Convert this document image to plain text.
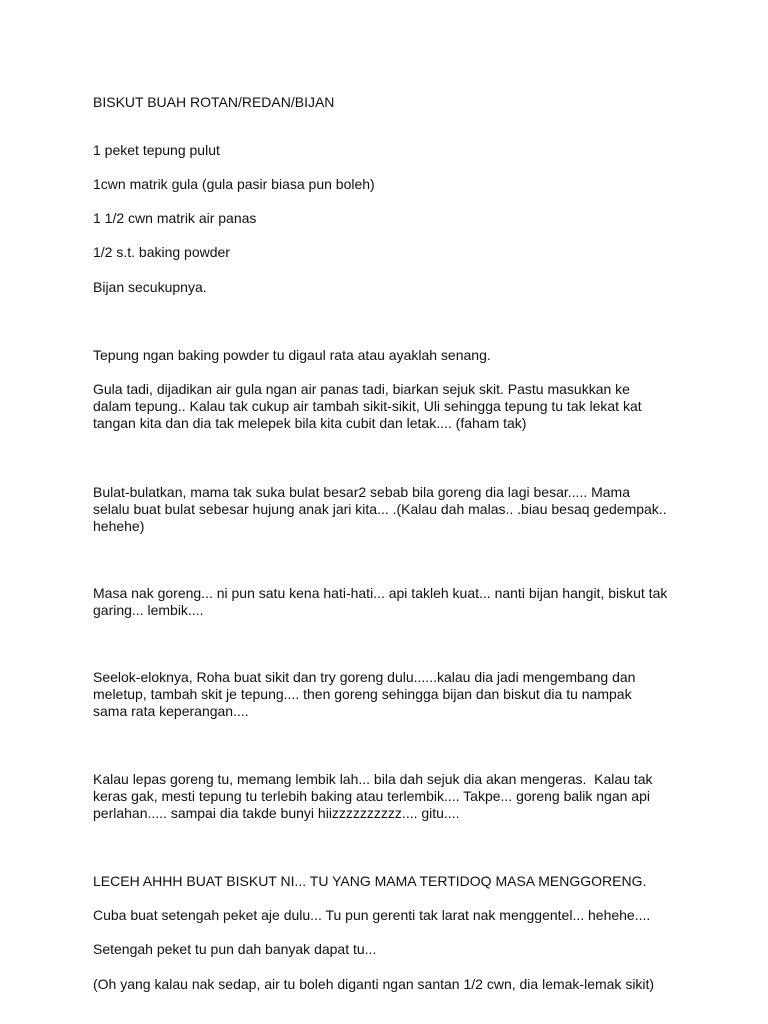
BISKUT BUAH ROTAN/REDAN/BIJAN

1 peket tepung pulut

1cwn matrik gula (gula pasir biasa pun boleh)

1 1/2 cwn matrik air panas

1/2 s.t. baking powder

Bijan secukupnya.

Tepung ngan baking powder tu digaul rata atau ayaklah senang.

Gula tadi, dijadikan air gula ngan air panas tadi, biarkan sejuk skit. Pastu masukkan ke

dalam tepung.. Kalau tak cukup air tambah sikit-sikit, Uli sehingga tepung tu tak lekat kat

tangan kita dan dia tak melepek bila kita cubit dan letak.... (faham tak)

Bulat-bulatkan, mama tak suka bulat besar2 sebab bila goreng dia lagi besar..... Mama

selalu buat bulat sebesar hujung anak jari kita... .(Kalau dah malas.. .biau besaq gedempak..

hehehe)

Masa nak goreng... ni pun satu kena hati-hati... api takleh kuat... nanti bijan hangit, biskut tak

garing... lembik....

Seelok-eloknya, Roha buat sikit dan try goreng dulu......kalau dia jadi mengembang dan

meletup, tambah skit je tepung.... then goreng sehingga bijan dan biskut dia tu nampak

sama rata keperangan....

Kalau lepas goreng tu, memang lembik lah... bila dah sejuk dia akan mengeras.  Kalau tak

keras gak, mesti tepung tu terlebih baking atau terlembik.... Takpe... goreng balik ngan api

perlahan..... sampai dia takde bunyi hiizzzzzzzzzz.... gitu....

LECEH AHHH BUAT BISKUT NI... TU YANG MAMA TERTIDOQ MASA MENGGORENG.

Cuba buat setengah peket aje dulu... Tu pun gerenti tak larat nak menggentel... hehehe....

Setengah peket tu pun dah banyak dapat tu...

(Oh yang kalau nak sedap, air tu boleh diganti ngan santan 1/2 cwn, dia lemak-lemak sikit)
